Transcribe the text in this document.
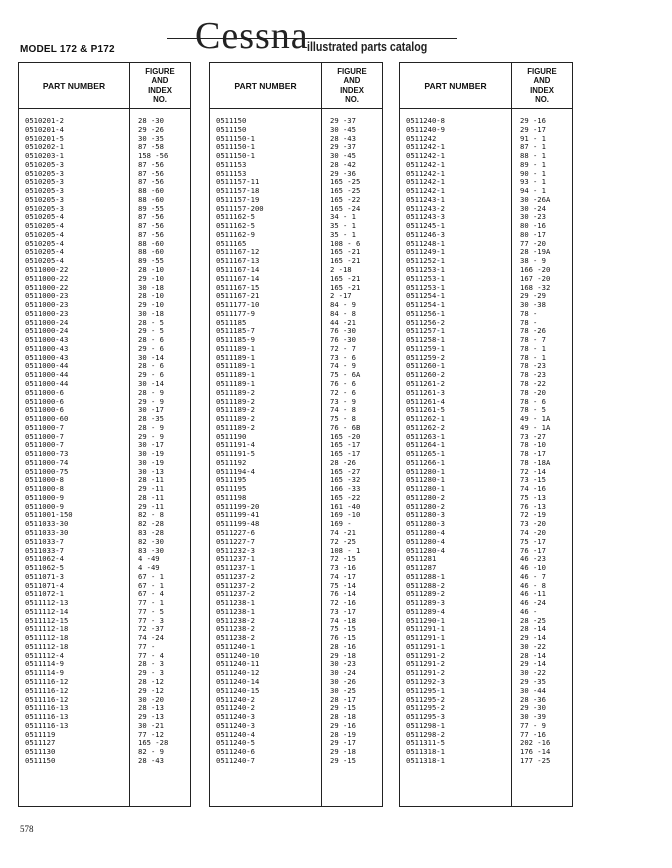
MODEL 172 & P172 Cessna
illustrated parts catalog
PART NUMBER
FIGURE
AND
INDEX
NO.
0510201-2
0510201-4
0510201-5
0510202-1
0510203-1
0510205-3
0510205-3
0510205-3
0510205-3
0510205-3
0510205-3
0510205-4
0510205-4
0510205-4
0510205-4
0510205-4
0510205-4
0511000-22
0511000-22
0511000-22
0511000-23
0511000-23
0511000-23
0511000-24
0511000-24
0511000-43
0511000-43
0511000-43
0511000-44
0511000-44
0511000-44
0511000-6
0511000-6
0511000-6
0511000-60
0511000-7
0511000-7
0511000-7
0511000-73
0511000-74
0511000-75
0511000-8
0511000-8
0511000-9
0511000-9
0511001-150
0511033-30
0511033-30
0511033-7
0511033-7
0511062-4
0511062-5
0511071-3
0511071-4
0511072-1
0511112-13
0511112-14
0511112-15
0511112-18
0511112-18
0511112-18
0511112-4
0511114-9
0511114-9
0511116-12
0511116-12
0511116-12
0511116-13
0511116-13
0511116-13
0511119
0511127
0511130
0511150
28 -30
29 -26
30 -35
87 -58
158 -56
87 -56
87 -56
87 -56
88 -60
88 -60
89 -55
87 -56
87 -56
87 -56
88 -60
88 -60
89 -55
28 -10
29 -10
30 -18
28 -10
29 -10
30 -18
28 - 5
29 - 5
28 - 6
29 - 6
30 -14
28 - 6
29 - 6
30 -14
28 - 9
29 - 9
30 -17
28 -35
28 - 9
29 - 9
30 -17
30 -19
30 -19
30 -13
28 -11
29 -11
28 -11
29 -11
82 - 8
82 -28
83 -28
82 -30
83 -30
4 -49
4 -49
67 - 1
67 - 1
67 - 4
77 - 1
77 - 5
77 - 3
72 -37
74 -24
77 -
77 - 4
28 - 3
29 - 3
28 -12
29 -12
30 -20
28 -13
29 -13
30 -21
77 -12
165 -28
82 - 9
28 -43
PART NUMBER
FIGURE
AND
INDEX
NO.
0511150
0511150
0511150-1
0511150-1
0511150-1
0511153
0511153
0511157-11
0511157-18
0511157-19
0511157-200
0511162-5
0511162-5
0511162-9
0511165
0511167-12
0511167-13
0511167-14
0511167-14
0511167-15
0511167-21
0511177-10
0511177-9
0511185
0511185-7
0511185-9
0511189-1
0511189-1
0511189-1
0511189-1
0511189-1
0511189-2
0511189-2
0511189-2
0511189-2
0511189-2
0511190
0511191-4
0511191-5
0511192
0511194-4
0511195
0511195
0511198
0511199-20
0511199-41
0511199-48
0511227-6
0511227-7
0511232-3
0511237-1
0511237-1
0511237-2
0511237-2
0511237-2
0511238-1
0511238-1
0511238-2
0511238-2
0511238-2
0511240-1
0511240-10
0511240-11
0511240-12
0511240-14
0511240-15
0511240-2
0511240-2
0511240-3
0511240-3
0511240-4
0511240-5
0511240-6
0511240-7
29 -37
30 -45
28 -43
29 -37
30 -45
28 -42
29 -36
165 -25
165 -25
165 -22
165 -24
34 - 1
35 - 1
35 - 1
108 - 6
165 -21
165 -21
2 -18
165 -21
165 -21
2 -17
84 - 9
84 - 8
44 -21
76 -30
76 -30
72 - 7
73 - 6
74 - 9
75 - 6A
76 - 6
72 - 6
73 - 9
74 - 8
75 - 8
76 - 6B
165 -20
165 -17
165 -17
28 -26
165 -27
165 -32
166 -33
165 -22
161 -40
169 -10
169 -
74 -21
72 -25
108 - 1
72 -15
73 -16
74 -17
75 -14
76 -14
72 -16
73 -17
74 -18
75 -15
76 -15
28 -16
29 -18
30 -23
30 -24
30 -26
30 -25
28 -17
29 -15
28 -18
29 -16
28 -19
29 -17
29 -18
29 -15
PART NUMBER
FIGURE
AND
INDEX
NO.
0511240-8
0511240-9
0511242
0511242-1
0511242-1
0511242-1
0511242-1
0511242-1
0511242-1
0511243-1
0511243-2
0511243-3
0511245-1
0511246-3
0511248-1
0511249-1
0511252-1
0511253-1
0511253-1
0511253-1
0511254-1
0511254-1
0511256-1
0511256-2
0511257-1
0511258-1
0511259-1
0511259-2
0511260-1
0511260-2
0511261-2
0511261-3
0511261-4
0511261-5
0511262-1
0511262-2
0511263-1
0511264-1
0511265-1
0511266-1
0511280-1
0511280-1
0511280-1
0511280-2
0511280-2
0511280-3
0511280-3
0511280-4
0511280-4
0511280-4
0511281
0511287
0511288-1
0511288-2
0511289-2
0511289-3
0511289-4
0511290-1
0511291-1
0511291-1
0511291-1
0511291-2
0511291-2
0511291-2
0511292-3
0511295-1
0511295-2
0511295-2
0511295-3
0511298-1
0511298-2
0511311-5
0511318-1
0511318-1
29 -16
29 -17
91 - 1
87 - 1
88 - 1
89 - 1
90 - 1
93 - 1
94 - 1
30 -26A
30 -24
30 -23
80 -16
80 -17
77 -20
28 -19A
38 - 9
166 -20
167 -20
168 -32
29 -29
30 -38
78 -
78 -
78 -26
78 - 7
78 - 1
78 - 1
78 -23
78 -23
78 -22
78 -20
78 - 6
78 - 5
49 - 1A
49 - 1A
73 -27
78 -10
78 -17
78 -18A
72 -14
73 -15
74 -16
75 -13
76 -13
72 -19
73 -20
74 -20
75 -17
76 -17
46 -23
46 -10
46 - 7
46 - 8
46 -11
46 -24
46 -
28 -25
28 -14
29 -14
30 -22
28 -14
29 -14
30 -22
29 -35
30 -44
28 -36
29 -30
30 -39
77 - 9
77 -16
202 -16
176 -14
177 -25
578
